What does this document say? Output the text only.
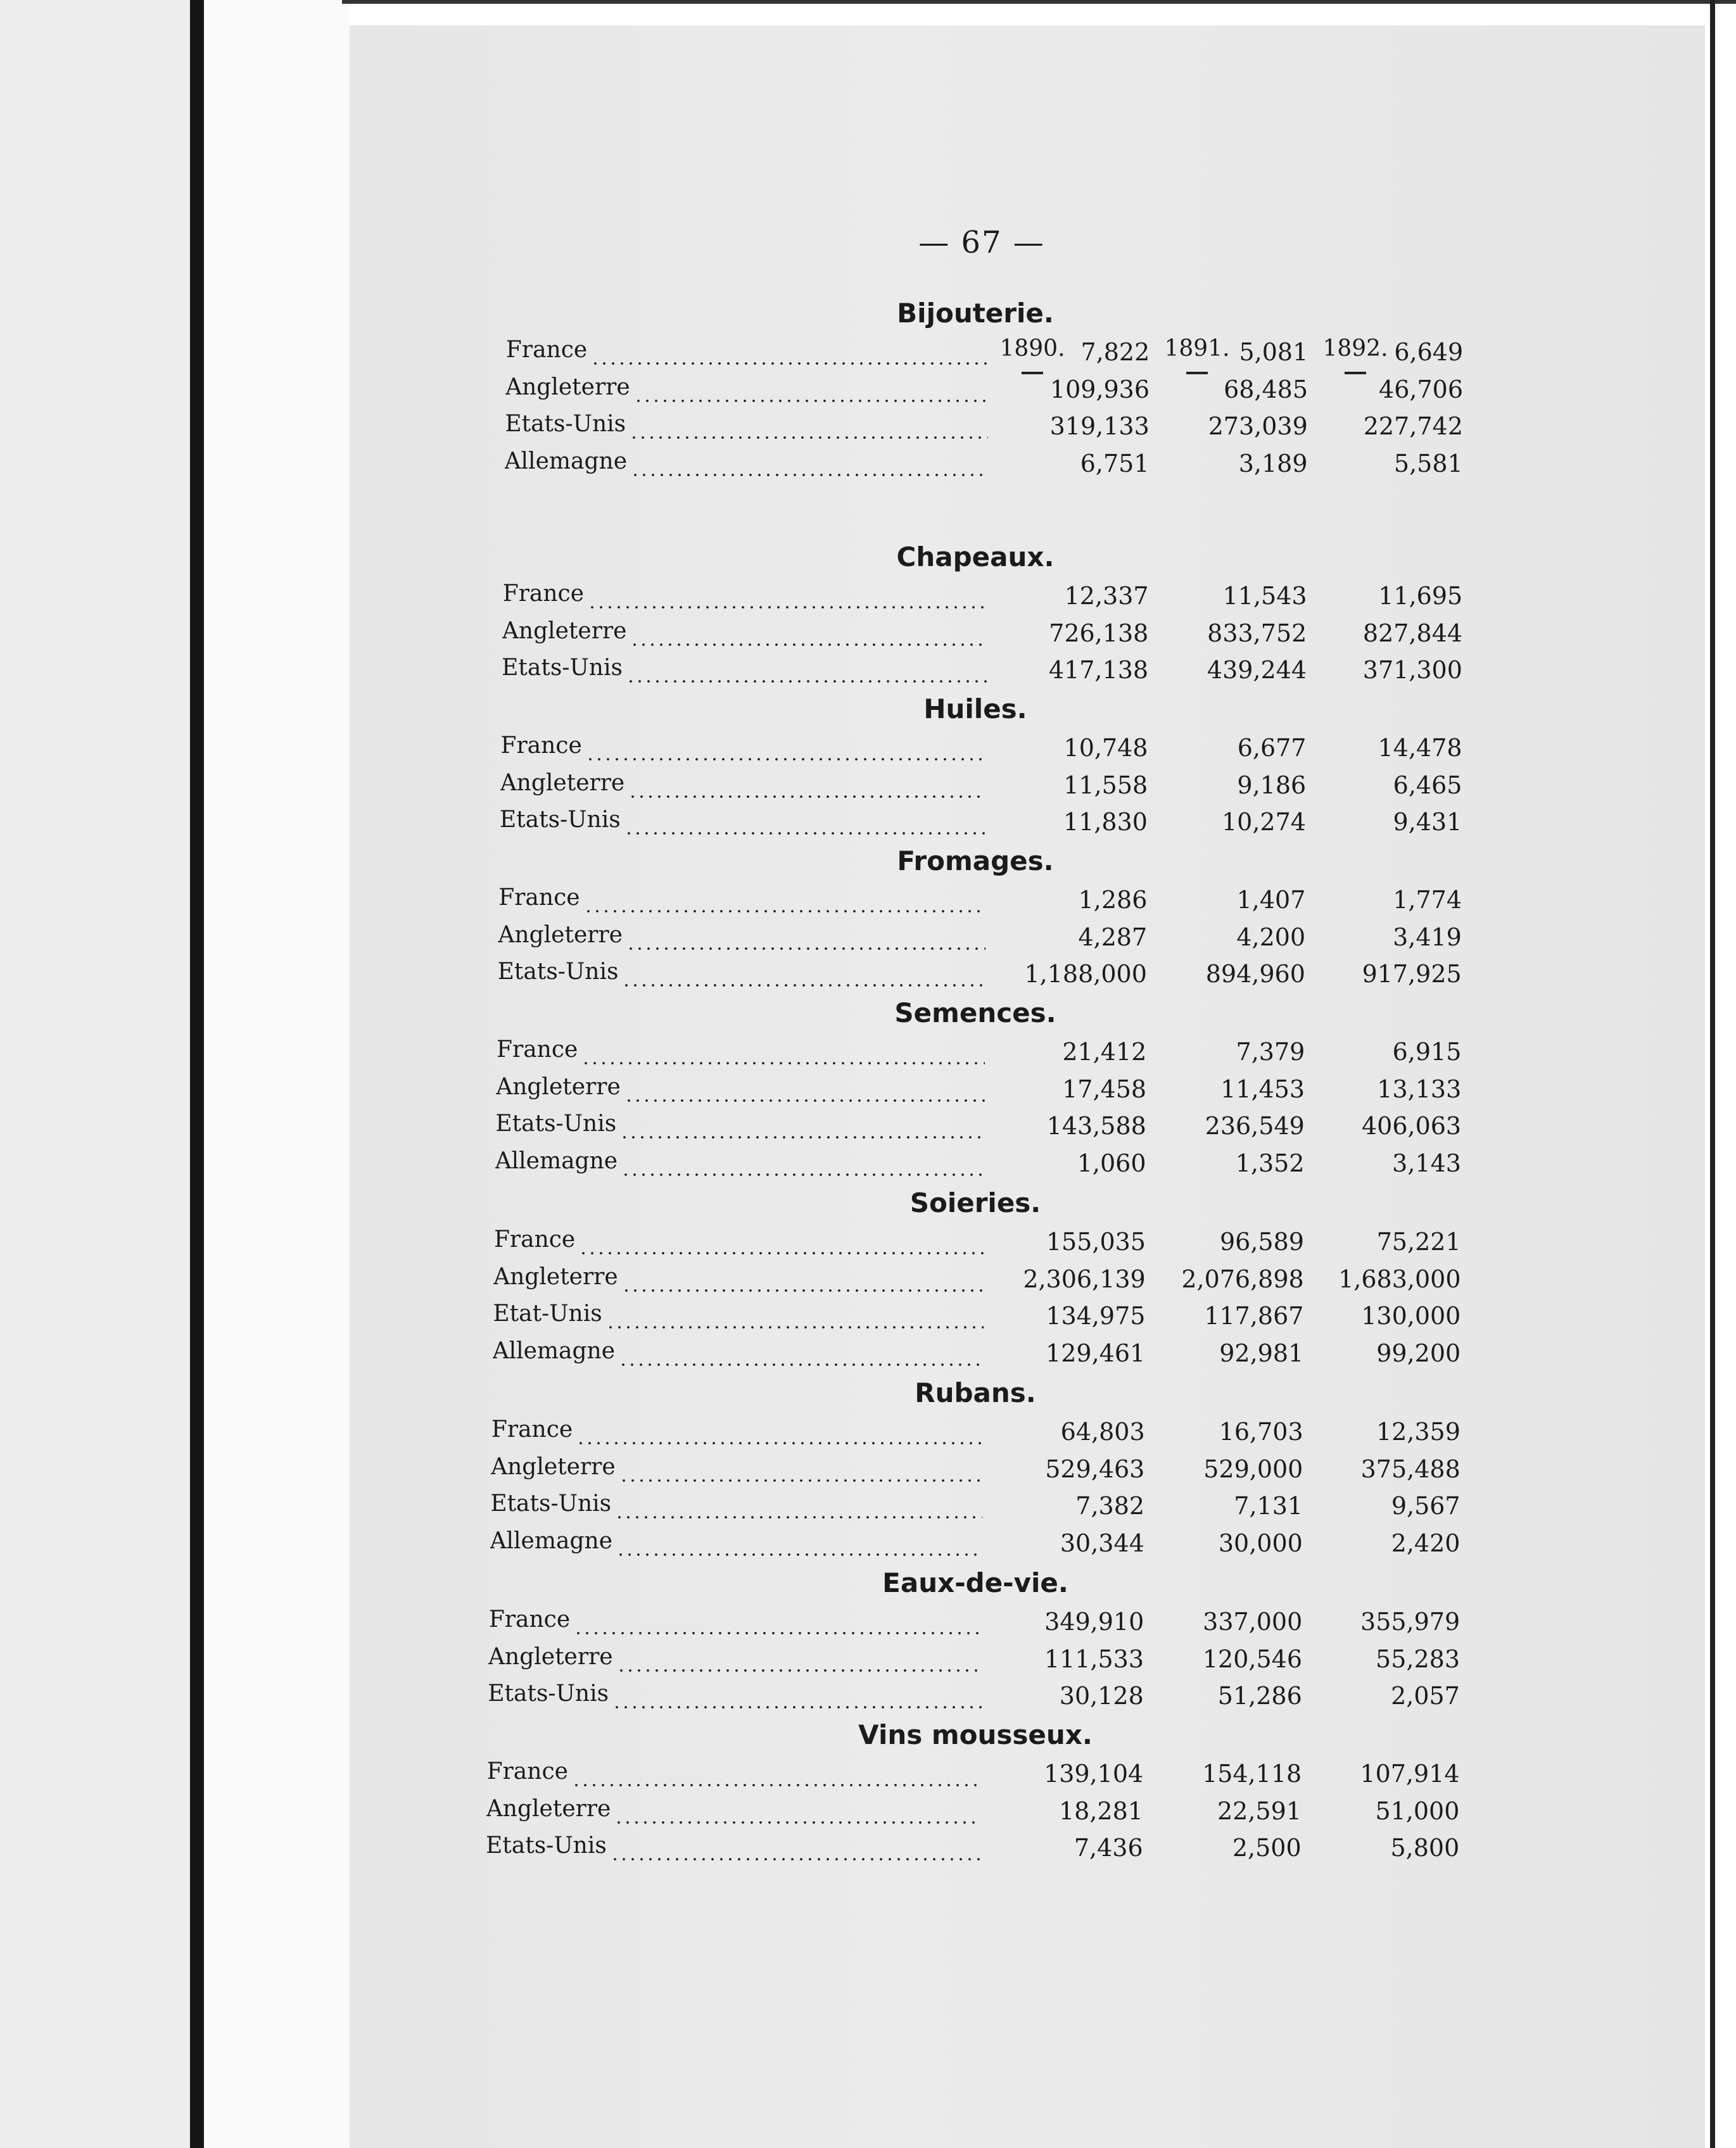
— 67 —
1890.	1891.	1892.
Bijouterie.
France	7,822	5,081	6,649
Angleterre	109,936	68,485	46,706
Etats-Unis	319,133	273,039	227,742
Allemagne	6,751	3,189	5,581
Chapeaux.
France	12,337	11,543	11,695
Angleterre	726,138	833,752	827,844
Etats-Unis	417,138	439,244	371,300
Huiles.
France	10,748	6,677	14,478
Angleterre	11,558	9,186	6,465
Etats-Unis	11,830	10,274	9,431
Fromages.
France	1,286	1,407	1,774
Angleterre	4,287	4,200	3,419
Etats-Unis	1,188,000	894,960	917,925
Semences.
France	21,412	7,379	6,915
Angleterre	17,458	11,453	13,133
Etats-Unis	143,588	236,549	406,063
Allemagne	1,060	1,352	3,143
Soieries.
France	155,035	96,589	75,221
Angleterre	2,306,139	2,076,898	1,683,000
Etat-Unis	134,975	117,867	130,000
Allemagne	129,461	92,981	99,200
Rubans.
France	64,803	16,703	12,359
Angleterre	529,463	529,000	375,488
Etats-Unis	7,382	7,131	9,567
Allemagne	30,344	30,000	2,420
Eaux-de-vie.
France	349,910	337,000	355,979
Angleterre	111,533	120,546	55,283
Etats-Unis	30,128	51,286	2,057
Vins mousseux.
France	139,104	154,118	107,914
Angleterre	18,281	22,591	51,000
Etats-Unis	7,436	2,500	5,800
